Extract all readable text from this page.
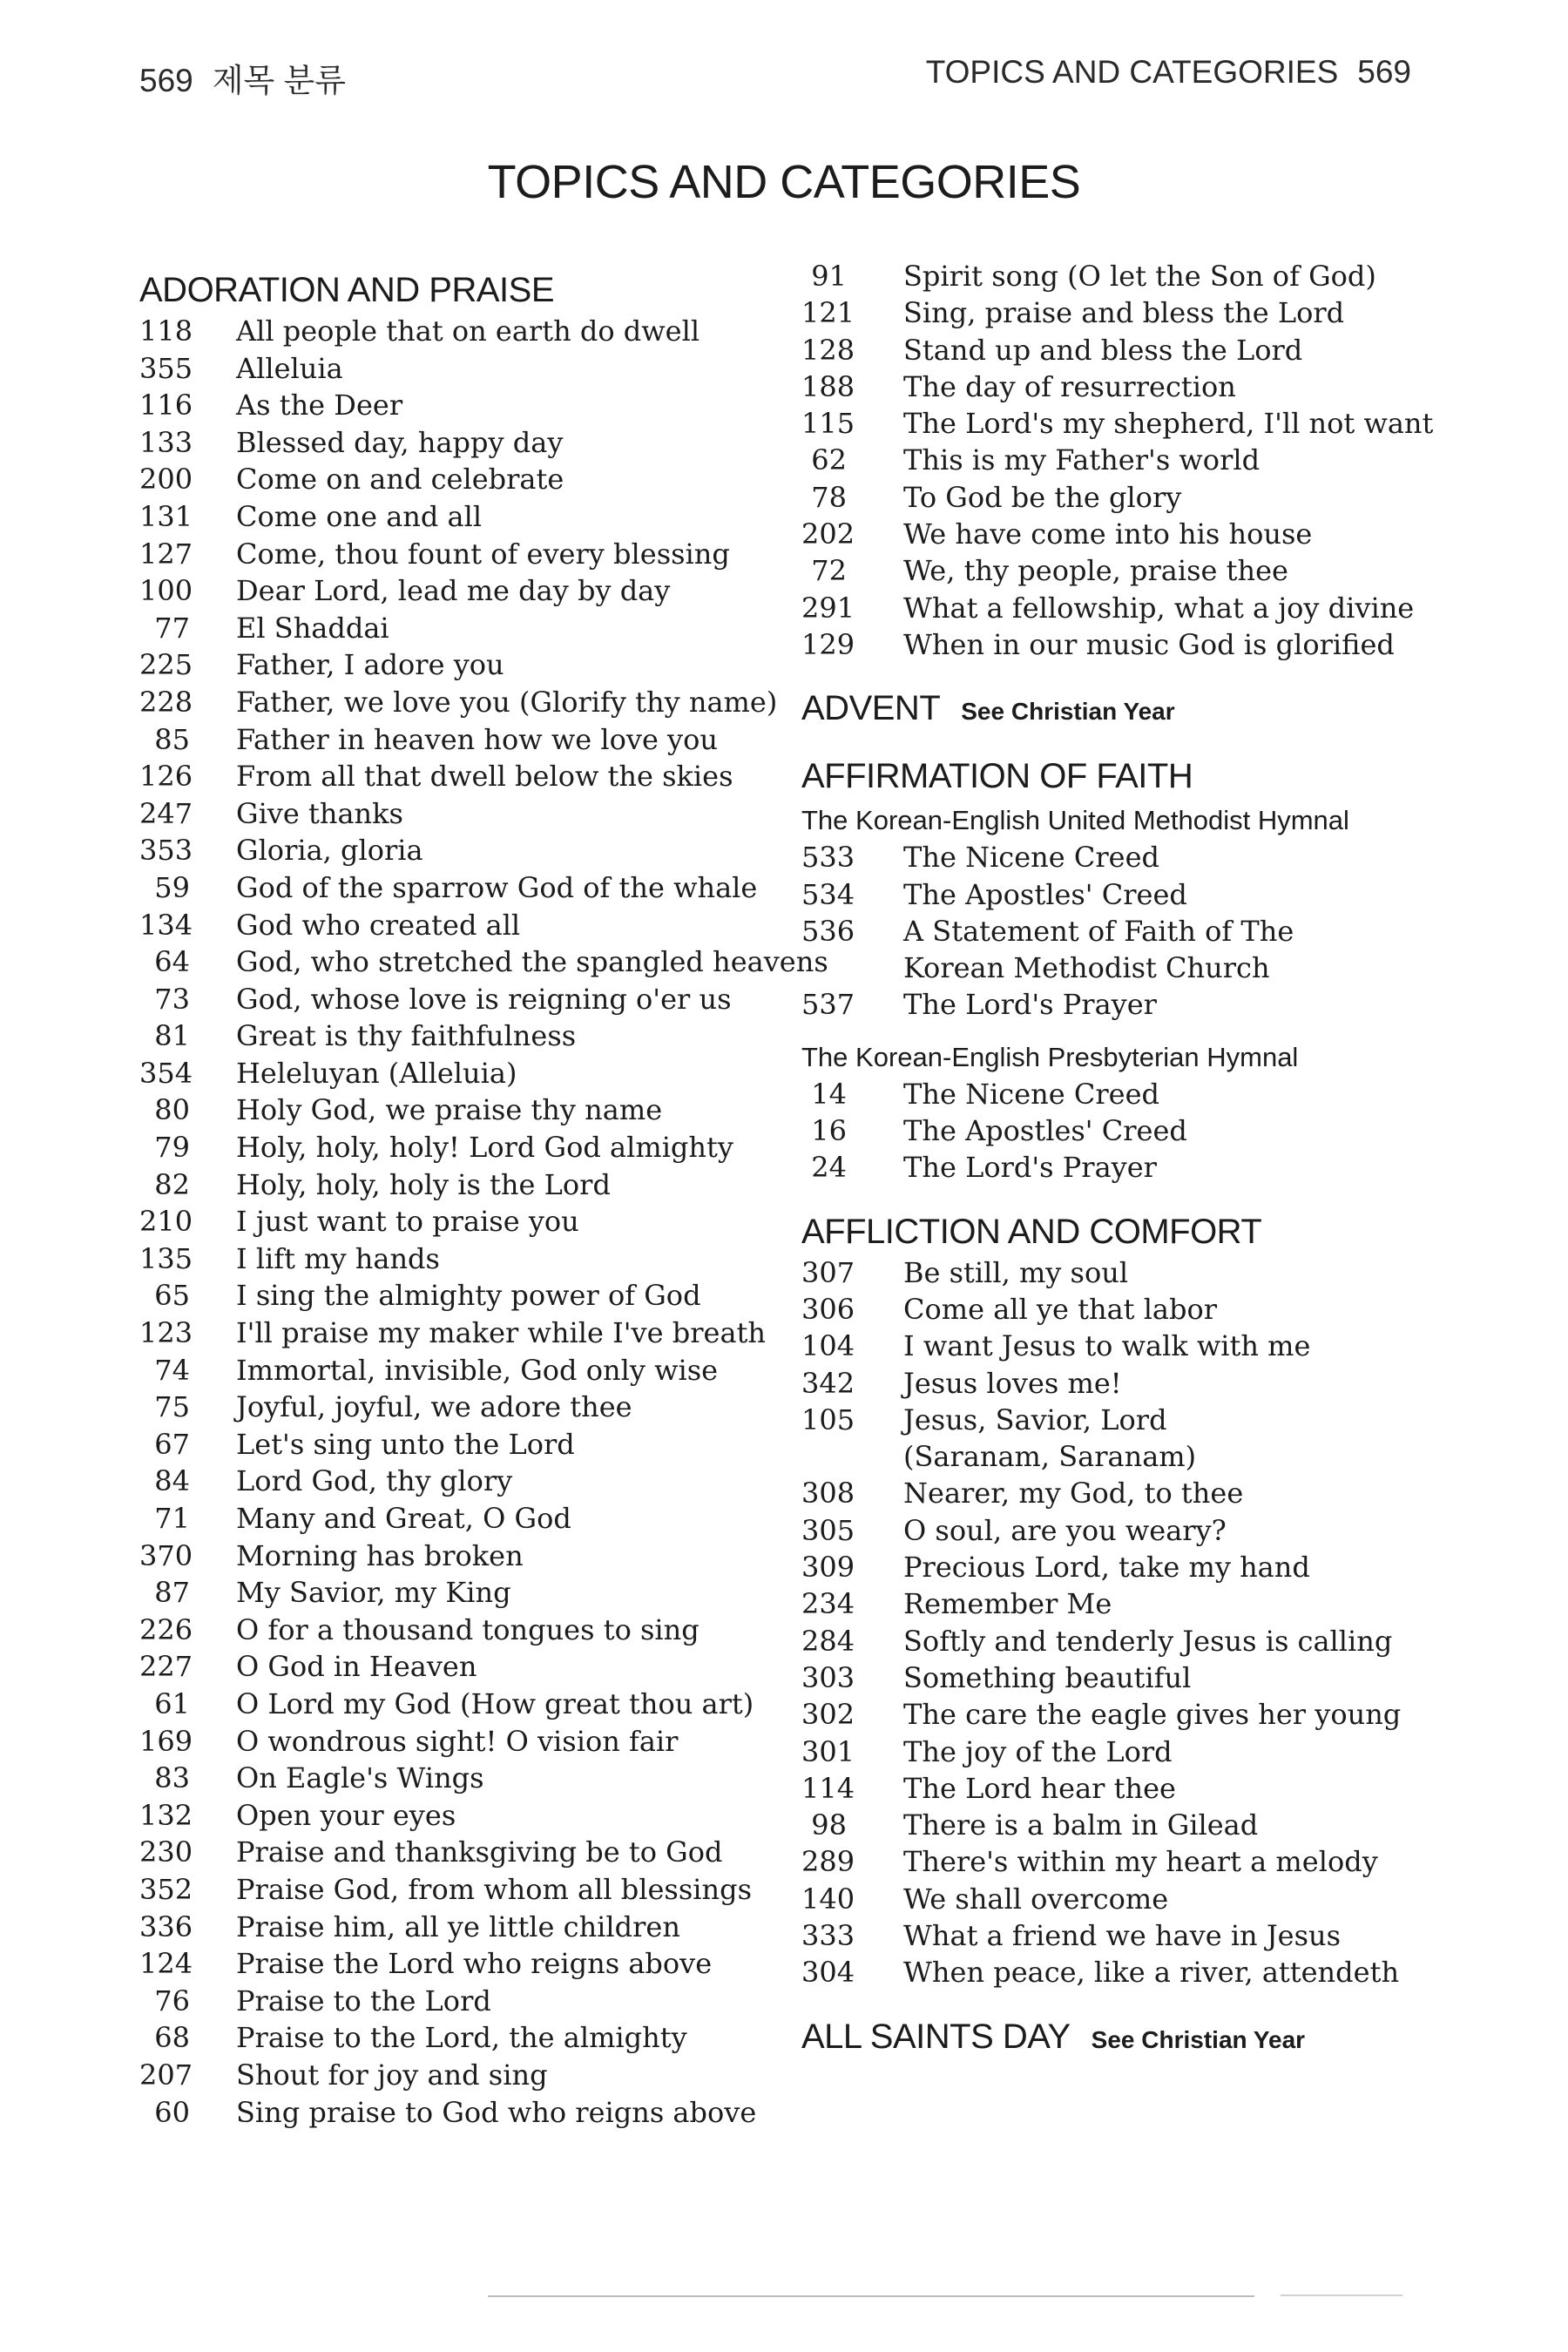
569 제목 분류	TOPICS AND CATEGORIES 569
TOPICS AND CATEGORIES
ADORATION AND PRAISE
118 All people that on earth do dwell
355 Alleluia
116 As the Deer
133 Blessed day, happy day
200 Come on and celebrate
131 Come one and all
127 Come, thou fount of every blessing
100 Dear Lord, lead me day by day
77 El Shaddai
225 Father, I adore you
228 Father, we love you (Glorify thy name)
85 Father in heaven how we love you
126 From all that dwell below the skies
247 Give thanks
353 Gloria, gloria
59 God of the sparrow God of the whale
134 God who created all
64 God, who stretched the spangled heavens
73 God, whose love is reigning o'er us
81 Great is thy faithfulness
354 Heleluyan (Alleluia)
80 Holy God, we praise thy name
79 Holy, holy, holy! Lord God almighty
82 Holy, holy, holy is the Lord
210 I just want to praise you
135 I lift my hands
65 I sing the almighty power of God
123 I'll praise my maker while I've breath
74 Immortal, invisible, God only wise
75 Joyful, joyful, we adore thee
67 Let's sing unto the Lord
84 Lord God, thy glory
71 Many and Great, O God
370 Morning has broken
87 My Savior, my King
226 O for a thousand tongues to sing
227 O God in Heaven
61 O Lord my God (How great thou art)
169 O wondrous sight! O vision fair
83 On Eagle's Wings
132 Open your eyes
230 Praise and thanksgiving be to God
352 Praise God, from whom all blessings
336 Praise him, all ye little children
124 Praise the Lord who reigns above
76 Praise to the Lord
68 Praise to the Lord, the almighty
207 Shout for joy and sing
60 Sing praise to God who reigns above
91 Spirit song (O let the Son of God)
121 Sing, praise and bless the Lord
128 Stand up and bless the Lord
188 The day of resurrection
115 The Lord's my shepherd, I'll not want
62 This is my Father's world
78 To God be the glory
202 We have come into his house
72 We, thy people, praise thee
291 What a fellowship, what a joy divine
129 When in our music God is glorified
ADVENT See Christian Year
AFFIRMATION OF FAITH
The Korean-English United Methodist Hymnal
533 The Nicene Creed
534 The Apostles' Creed
536 A Statement of Faith of The
Korean Methodist Church
537 The Lord's Prayer
The Korean-English Presbyterian Hymnal
14 The Nicene Creed
16 The Apostles' Creed
24 The Lord's Prayer
AFFLICTION AND COMFORT
307 Be still, my soul
306 Come all ye that labor
104 I want Jesus to walk with me
342 Jesus loves me!
105 Jesus, Savior, Lord
(Saranam, Saranam)
308 Nearer, my God, to thee
305 O soul, are you weary?
309 Precious Lord, take my hand
234 Remember Me
284 Softly and tenderly Jesus is calling
303 Something beautiful
302 The care the eagle gives her young
301 The joy of the Lord
114 The Lord hear thee
98 There is a balm in Gilead
289 There's within my heart a melody
140 We shall overcome
333 What a friend we have in Jesus
304 When peace, like a river, attendeth
ALL SAINTS DAY See Christian Year
